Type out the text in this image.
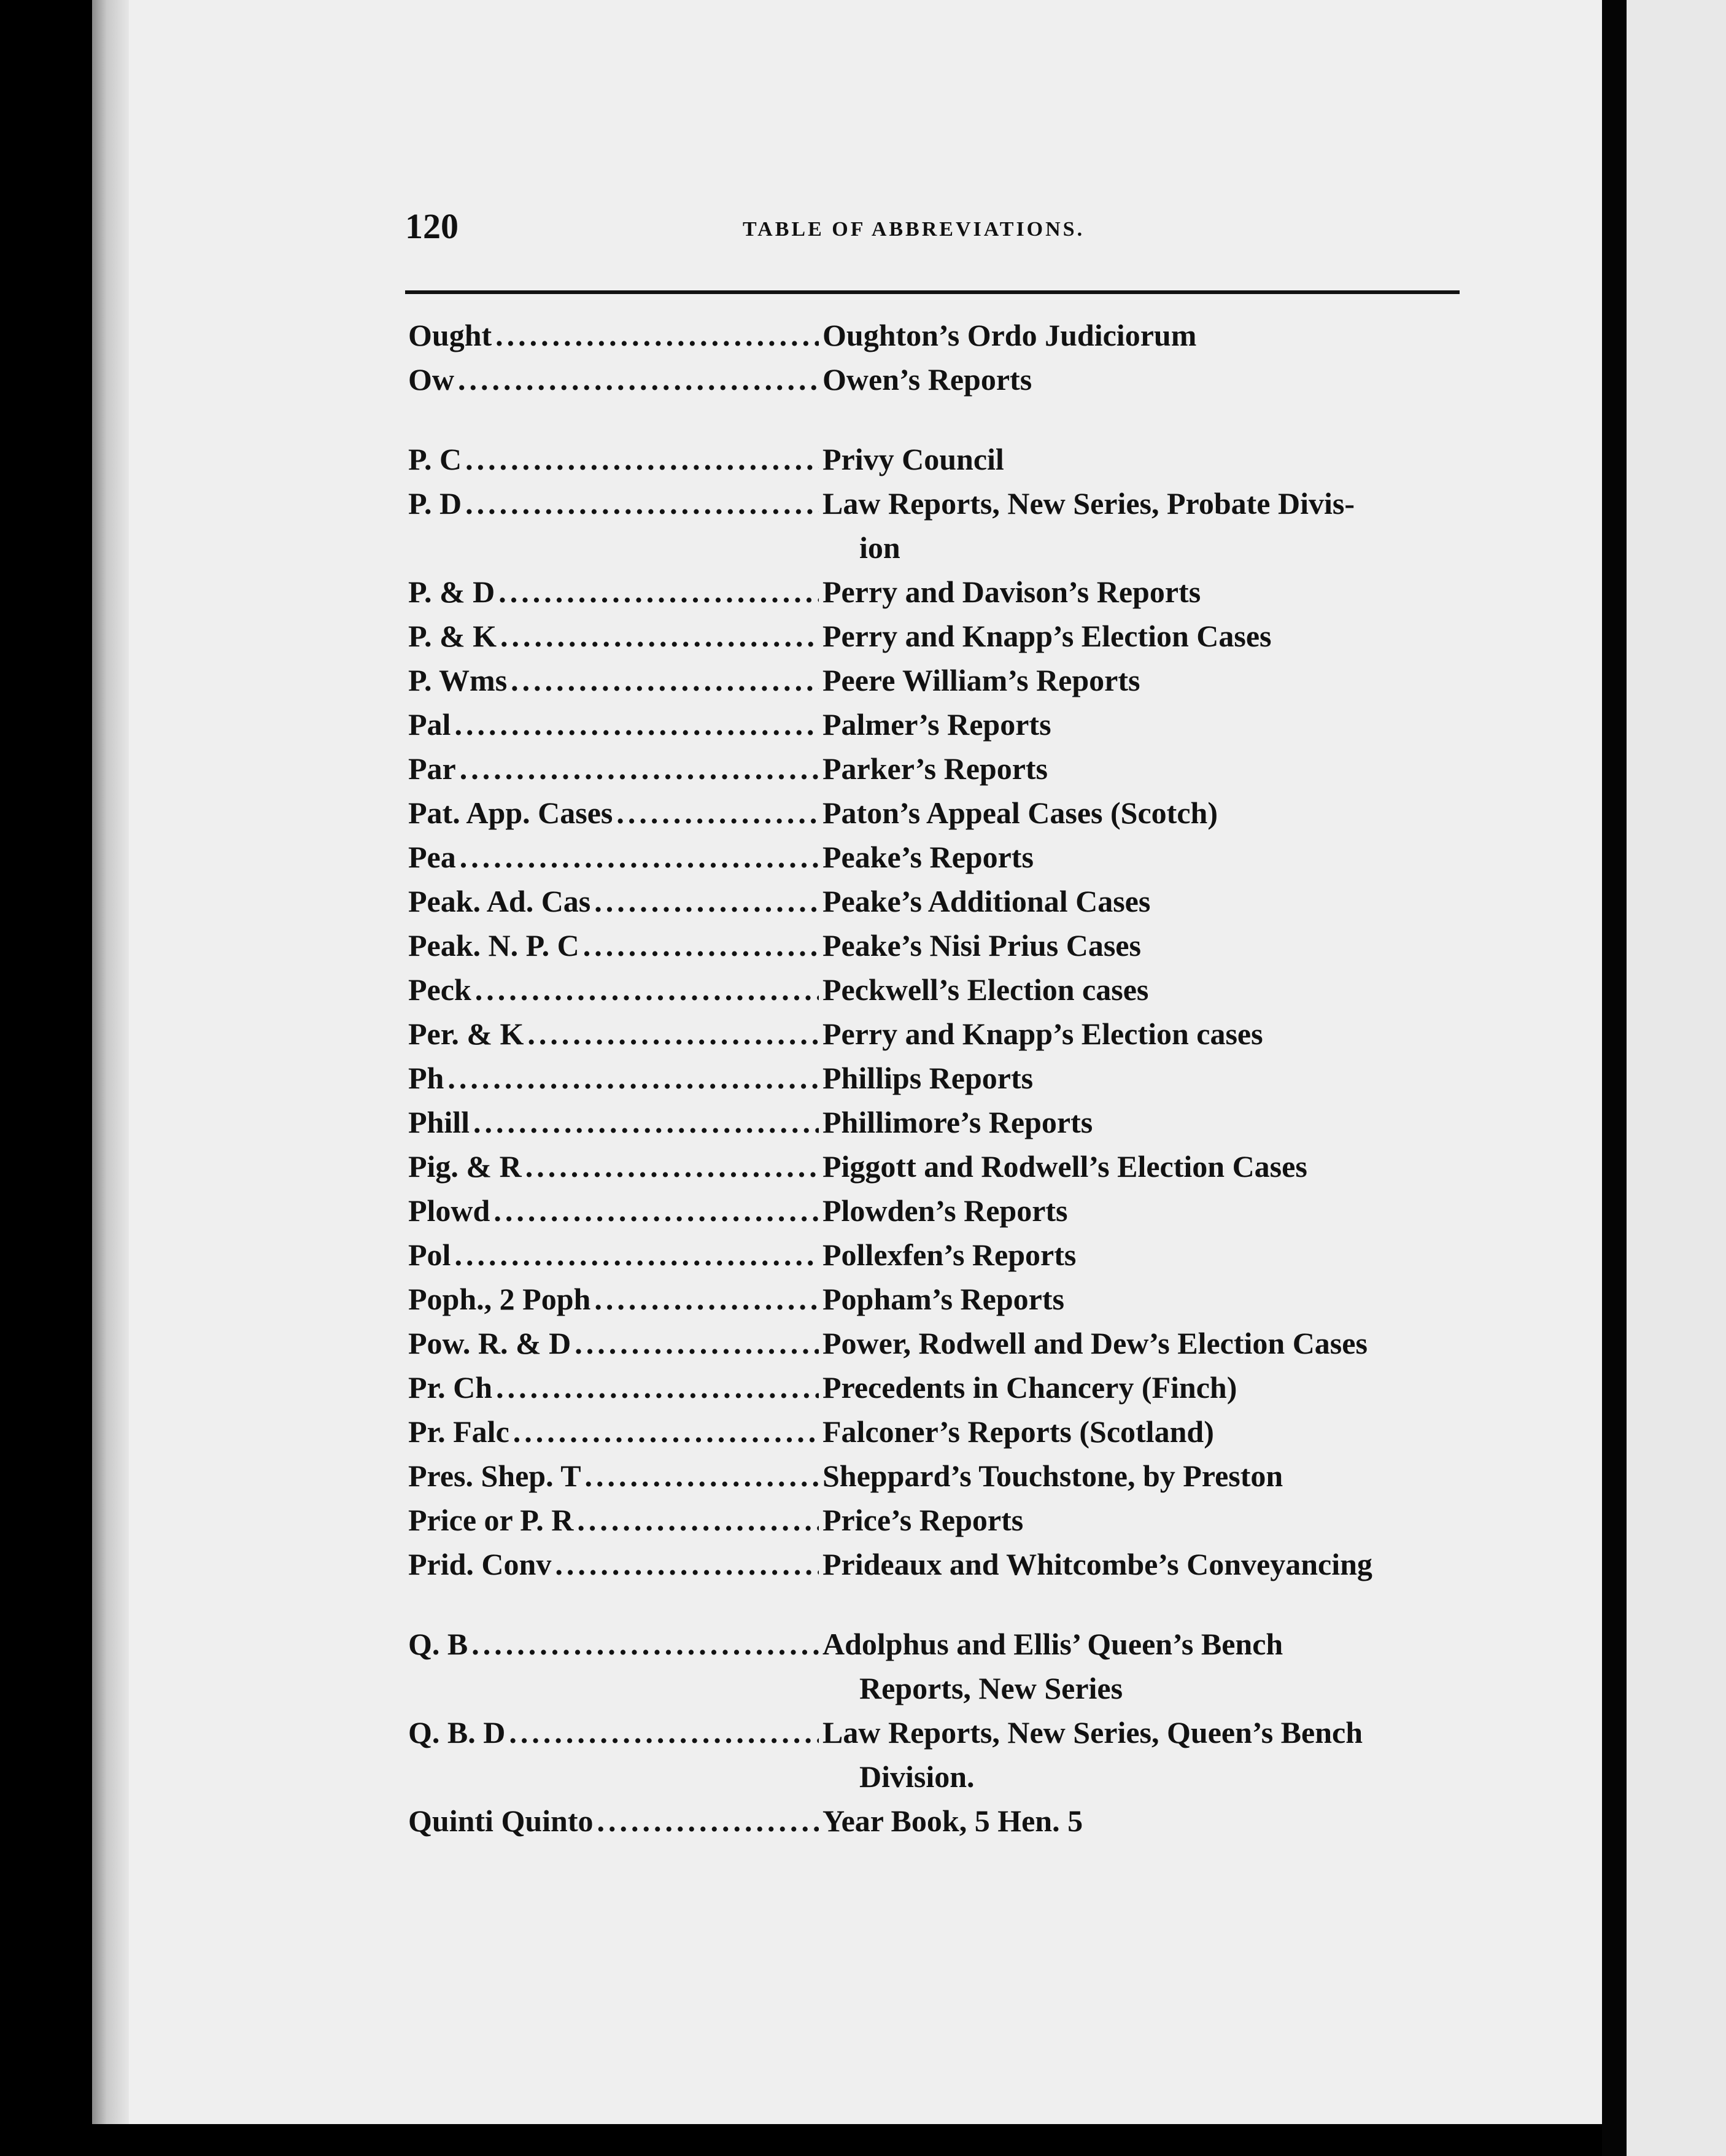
120	TABLE OF ABBREVIATIONS.
Ought .....	Oughton’s Ordo Judiciorum
Ow .....	Owen’s Reports
P. C .....	Privy Council
P. D .....	Law Reports, New Series, Probate Divis-
ion
P. & D .....	Perry and Davison’s Reports
P. & K .....	Perry and Knapp’s Election Cases
P. Wms .....	Peere William’s Reports
Pal .....	Palmer’s Reports
Par .....	Parker’s Reports
Pat. App. Cases .....	Paton’s Appeal Cases (Scotch)
Pea .....	Peake’s Reports
Peak. Ad. Cas .....	Peake’s Additional Cases
Peak. N. P. C .....	Peake’s Nisi Prius Cases
Peck .....	Peckwell’s Election cases
Per. & K .....	Perry and Knapp’s Election cases
Ph .....	Phillips Reports
Phill .....	Phillimore’s Reports
Pig. & R .....	Piggott and Rodwell’s Election Cases
Plowd .....	Plowden’s Reports
Pol .....	Pollexfen’s Reports
Poph., 2 Poph .....	Popham’s Reports
Pow. R. & D .....	Power, Rodwell and Dew’s Election Cases
Pr. Ch .....	Precedents in Chancery (Finch)
Pr. Falc .....	Falconer’s Reports (Scotland)
Pres. Shep. T .....	Sheppard’s Touchstone, by Preston
Price or P. R .....	Price’s Reports
Prid. Conv .....	Prideaux and Whitcombe’s Conveyancing
Q. B .....	Adolphus and Ellis’ Queen’s Bench
Reports, New Series
Q. B. D .....	Law Reports, New Series, Queen’s Bench
Division.
Quinti Quinto .....	Year Book, 5 Hen. 5
